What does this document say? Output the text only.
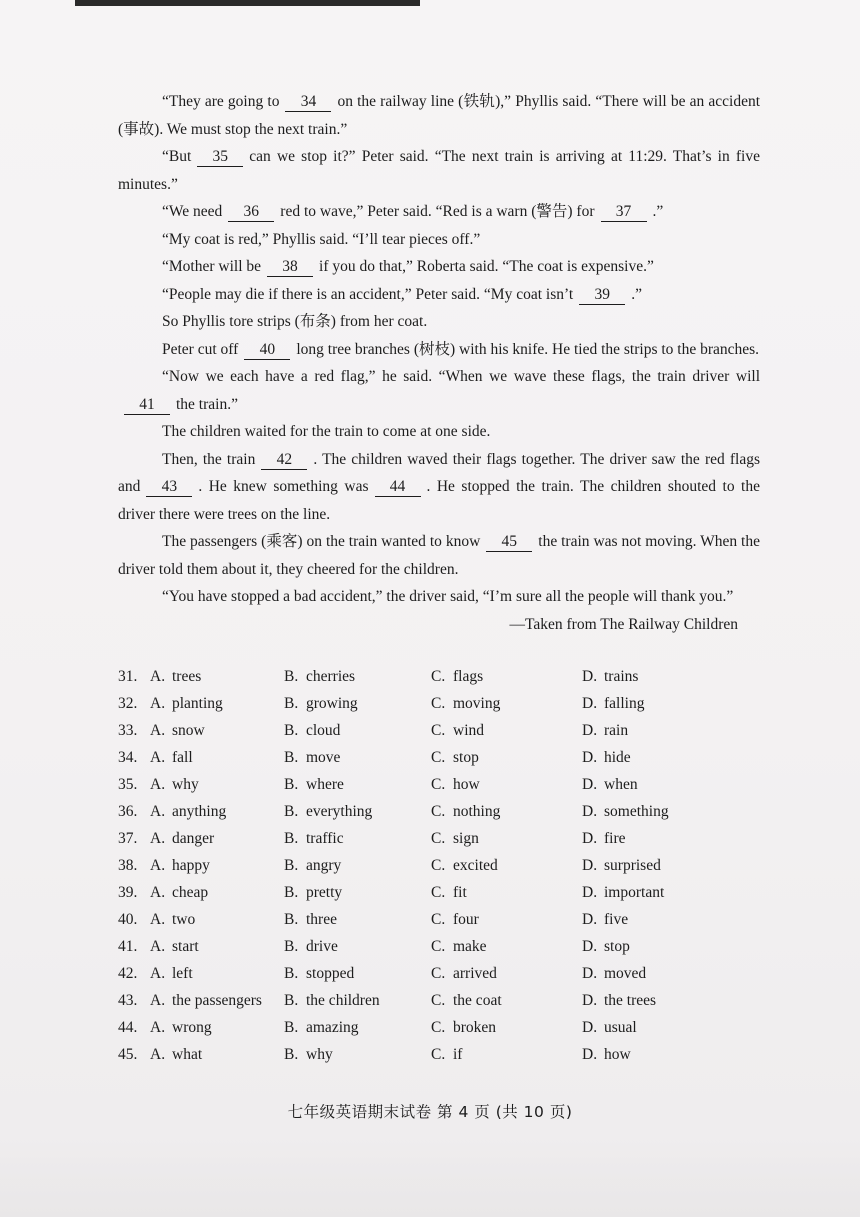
“They are going to 34 on the railway line (铁轨),” Phyllis said. “There will be an accident (事故). We must stop the next train.”

“But 35 can we stop it?” Peter said. “The next train is arriving at 11:29. That’s in five minutes.”

“We need 36 red to wave,” Peter said. “Red is a warn (警告) for 37 .”

“My coat is red,” Phyllis said. “I’ll tear pieces off.”

“Mother will be 38 if you do that,” Roberta said. “The coat is expensive.”

“People may die if there is an accident,” Peter said. “My coat isn’t 39 .”

So Phyllis tore strips (布条) from her coat.

Peter cut off 40 long tree branches (树枝) with his knife. He tied the strips to the branches.

“Now we each have a red flag,” he said. “When we wave these flags, the train driver will41 the train.”

The children waited for the train to come at one side.

Then, the train 42 . The children waved their flags together. The driver saw the red flags and 43 . He knew something was 44 . He stopped the train. The children shouted to the driver there were trees on the line.

The passengers (乘客) on the train wanted to know 45 the train was not moving. When the driver told them about it, they cheered for the children.

“You have stopped a bad accident,” the driver said, “I’m sure all the people will thank you.”

—Taken from The Railway Children

31. A. trees	B. cherries	C. flags	D. trains
32. A. planting	B. growing	C. moving	D. falling
33. A. snow	B. cloud	C. wind	D. rain
34. A. fall	B. move	C. stop	D. hide
35. A. why	B. where	C. how	D. when
36. A. anything	B. everything	C. nothing	D. something
37. A. danger	B. traffic	C. sign	D. fire
38. A. happy	B. angry	C. excited	D. surprised
39. A. cheap	B. pretty	C. fit	D. important
40. A. two	B. three	C. four	D. five
41. A. start	B. drive	C. make	D. stop
42. A. left	B. stopped	C. arrived	D. moved
43. A. the passengers B. the children	C. the coat	D. the trees
44. A. wrong	B. amazing	C. broken	D. usual
45. A. what	B. why	C. if	D. how
七年级英语期末试卷 第 4 页 (共 10 页)
